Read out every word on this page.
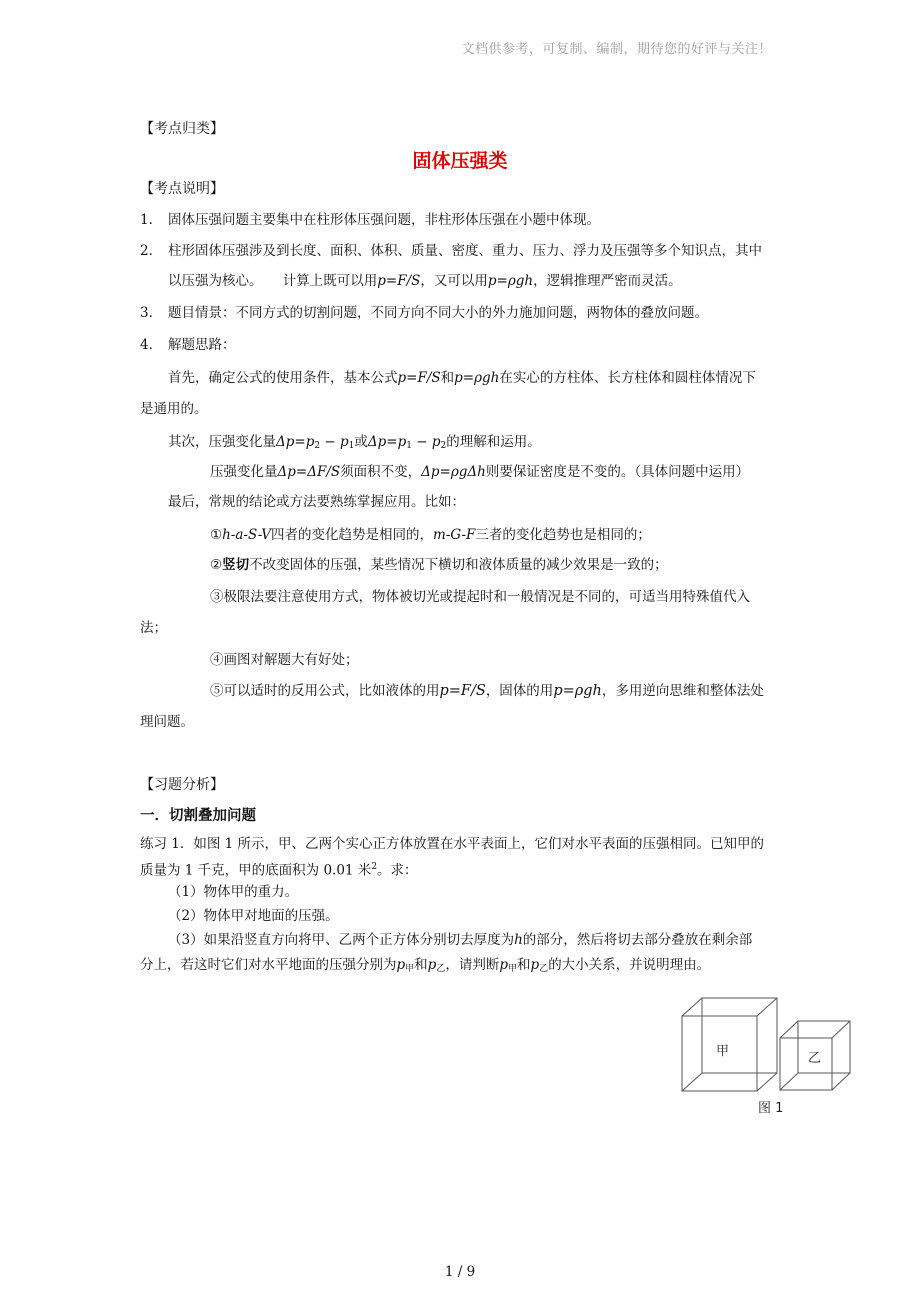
文档供参考，可复制、编制，期待您的好评与关注！
【考点归类】
固体压强类
【考点说明】
1． 固体压强问题主要集中在柱形体压强问题，非柱形体压强在小题中体现。
2． 柱形固体压强涉及到长度、面积、体积、质量、密度、重力、压力、浮力及压强等多个知识点，其中
以压强为核心。　　计算上既可以用p=F/S，又可以用p=ρgh，逻辑推理严密而灵活。
3． 题目情景：不同方式的切割问题，不同方向不同大小的外力施加问题，两物体的叠放问题。
4． 解题思路：
首先，确定公式的使用条件，基本公式p=F/S和p=ρgh在实心的方柱体、长方柱体和圆柱体情况下
是通用的。
其次，压强变化量$\Delta p=p_2 - p_1$或$\Delta p=p_1 - p_2$的理解和运用。
压强变化量Δp=ΔF/S须面积不变，Δp=ρgΔh则要保证密度是不变的。（具体问题中运用）
最后，常规的结论或方法要熟练掌握应用。比如：
①h-a-S-V四者的变化趋势是相同的，m-G-F三者的变化趋势也是相同的；
②竖切不改变固体的压强，某些情况下横切和液体质量的减少效果是一致的；
③极限法要注意使用方式，物体被切光或提起时和一般情况是不同的，可适当用特殊值代入
法；
④画图对解题大有好处；
⑤可以适时的反用公式，比如液体的用p=F/S，固体的用p=ρgh，多用逆向思维和整体法处
理问题。
【习题分析】
一．切割叠加问题
练习 1．如图 1 所示，甲、乙两个实心正方体放置在水平表面上，它们对水平表面的压强相同。已知甲的
质量为 1 千克，甲的底面积为 0.01 米$^2$。求：
（1）物体甲的重力。
（2）物体甲对地面的压强。
（3）如果沿竖直方向将甲、乙两个正方体分别切去厚度为h的部分，然后将切去部分叠放在剩余部
分上，若这时它们对水平地面的压强分别为$p_甲$和$p_乙$，请判断$p_甲$和$p_乙$的大小关系，并说明理由。
甲	乙
图 1
1 / 9
